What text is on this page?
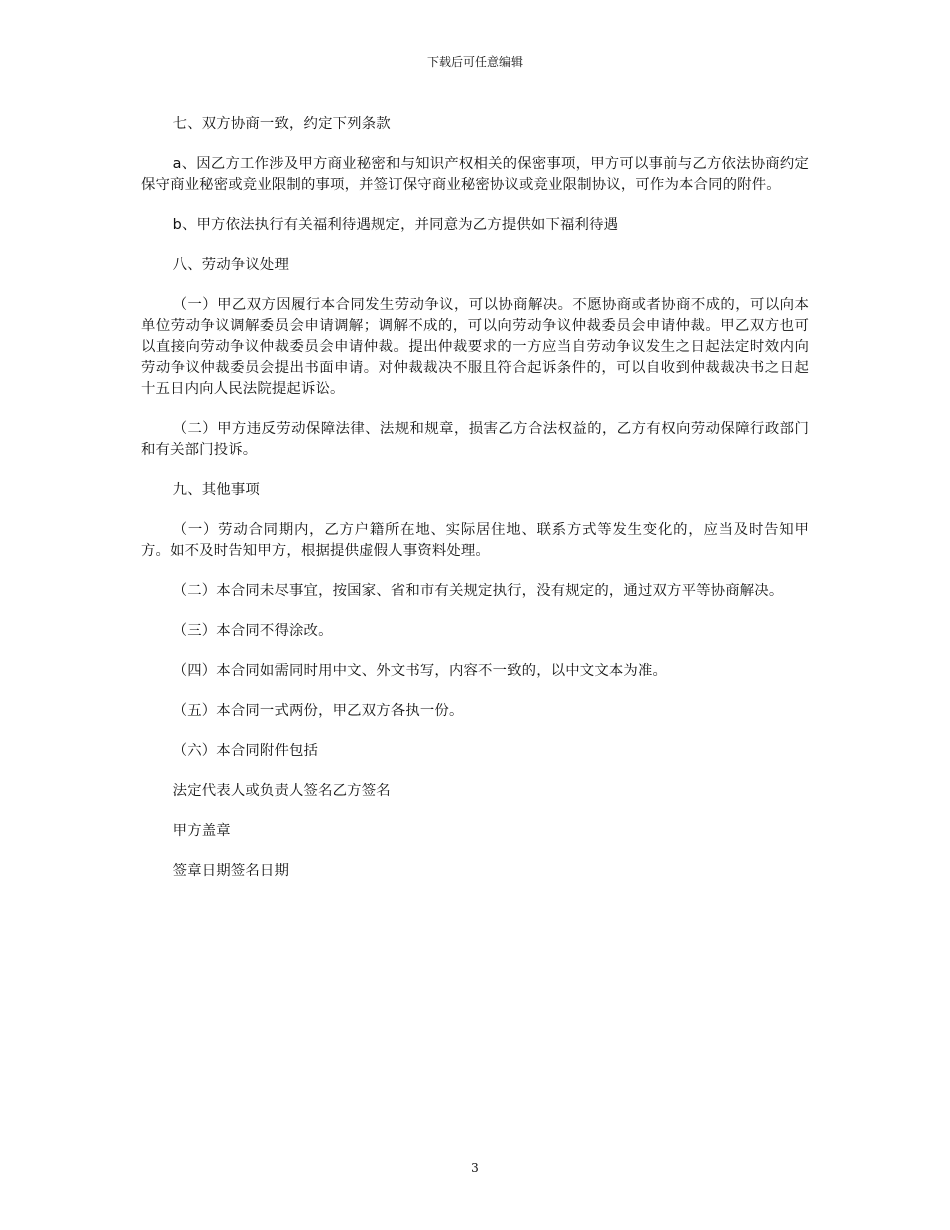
下载后可任意编辑

七、双方协商一致，约定下列条款

a、因乙方工作涉及甲方商业秘密和与知识产权相关的保密事项，甲方可以事前与乙方依法协商约定保守商业秘密或竞业限制的事项，并签订保守商业秘密协议或竞业限制协议，可作为本合同的附件。

b、甲方依法执行有关福利待遇规定，并同意为乙方提供如下福利待遇

八、劳动争议处理

（一）甲乙双方因履行本合同发生劳动争议，可以协商解决。不愿协商或者协商不成的，可以向本单位劳动争议调解委员会申请调解；调解不成的，可以向劳动争议仲裁委员会申请仲裁。甲乙双方也可以直接向劳动争议仲裁委员会申请仲裁。提出仲裁要求的一方应当自劳动争议发生之日起法定时效内向劳动争议仲裁委员会提出书面申请。对仲裁裁决不服且符合起诉条件的，可以自收到仲裁裁决书之日起十五日内向人民法院提起诉讼。

（二）甲方违反劳动保障法律、法规和规章，损害乙方合法权益的，乙方有权向劳动保障行政部门和有关部门投诉。

九、其他事项

（一）劳动合同期内，乙方户籍所在地、实际居住地、联系方式等发生变化的，应当及时告知甲方。如不及时告知甲方，根据提供虚假人事资料处理。

（二）本合同未尽事宜，按国家、省和市有关规定执行，没有规定的，通过双方平等协商解决。

（三）本合同不得涂改。

（四）本合同如需同时用中文、外文书写，内容不一致的，以中文文本为准。

（五）本合同一式两份，甲乙双方各执一份。

（六）本合同附件包括

法定代表人或负责人签名乙方签名

甲方盖章

签章日期签名日期

3
